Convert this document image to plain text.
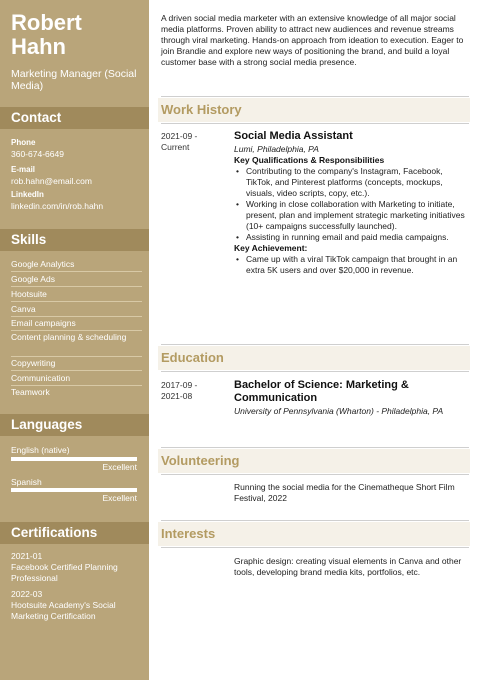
Robert
Hahn
Marketing Manager (Social Media)
Contact
Phone
360-674-6649
E-mail
rob.hahn@email.com
LinkedIn
linkedin.com/in/rob.hahn
Skills
Google Analytics
Google Ads
Hootsuite
Canva
Email campaigns
Content planning & scheduling
Copywriting
Communication
Teamwork
Languages
English (native)
Excellent
Spanish
Excellent
Certifications
2021-01
Facebook Certified Planning Professional
2022-03
Hootsuite Academy's Social Marketing Certification
A driven social media marketer with an extensive knowledge of all major social media platforms. Proven ability to attract new audiences and revenue streams through viral marketing. Hands-on approach from ideation to execution. Eager to join Brandie and explore new ways of positioning the brand, and build a loyal customer base with a strong social media presence.
Work History
2021-09 -
Current
Social Media Assistant
Lumi, Philadelphia, PA
Key Qualifications & Responsibilities
• Contributing to the company's Instagram, Facebook, TikTok, and Pinterest platforms (concepts, mockups, visuals, video scripts, copy, etc.).
• Working in close collaboration with Marketing to initiate, present, plan and implement strategic marketing initiatives (10+ campaigns successfully launched).
• Assisting in running email and paid media campaigns.
Key Achievement:
• Came up with a viral TikTok campaign that brought in an extra 5K users and over $20,000 in revenue.
Education
2017-09 -
2021-08
Bachelor of Science: Marketing & Communication
University of Pennsylvania (Wharton) - Philadelphia, PA
Volunteering
Running the social media for the Cinematheque Short Film Festival, 2022
Interests
Graphic design: creating visual elements in Canva and other tools, developing brand media kits, portfolios, etc.
